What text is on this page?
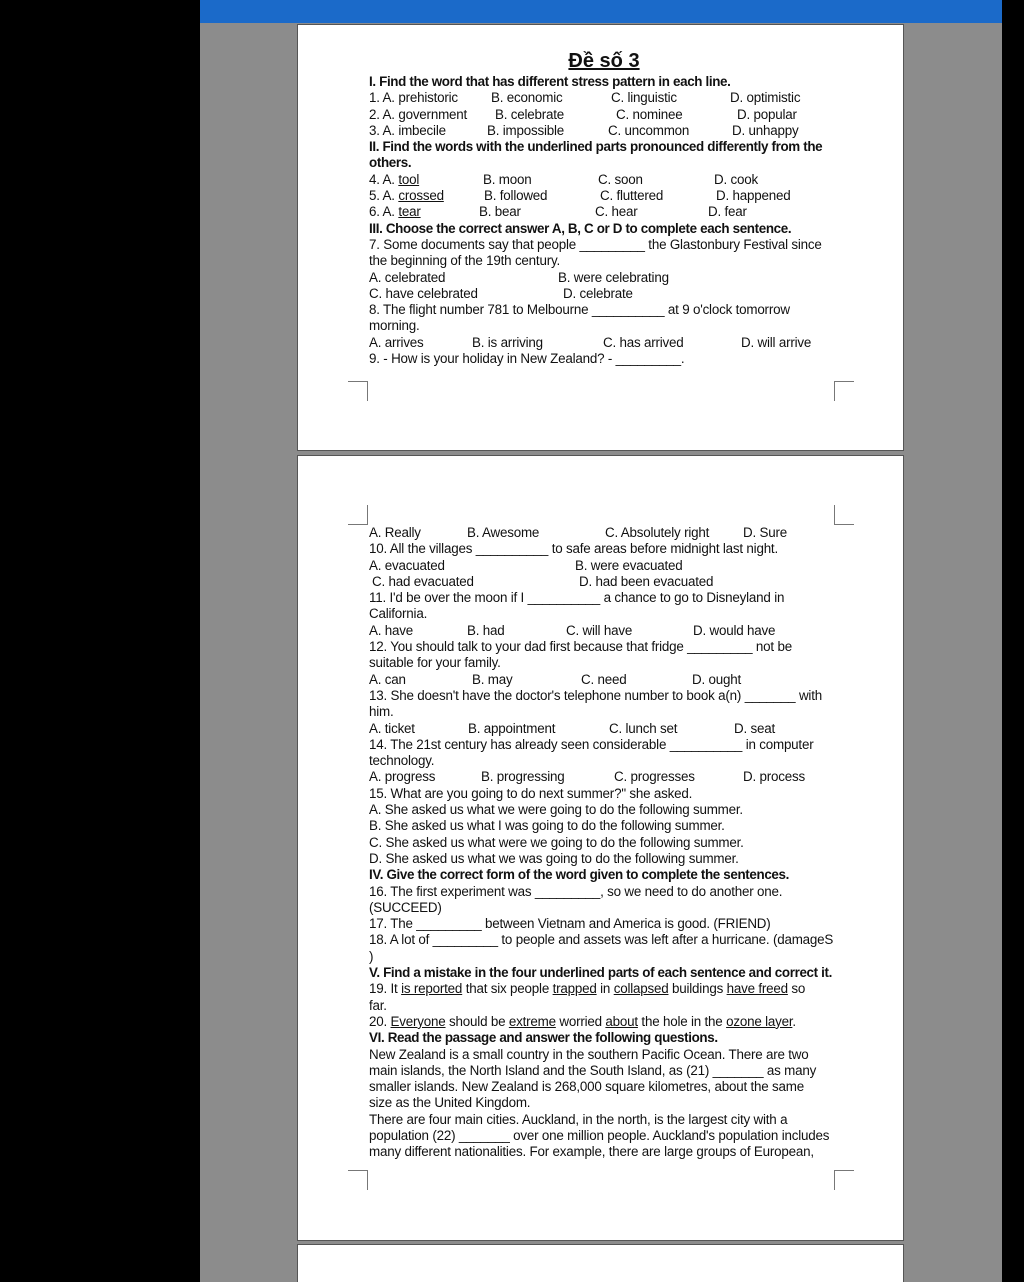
Đề số 3
I. Find the word that has different stress pattern in each line.
1. A. prehistoric B. economic	C. linguistic	D. optimistic
2. A. government B. celebrate	C. nominee	D. popular
3. A. imbecile	B. impossible	C. uncommon	D. unhappy
II. Find the words with the underlined parts pronounced differently from the
others.
4. A. tool	B. moon	C. soon	D. cook
5. A. crossed	B. followed	C. fluttered	D. happened
6. A. tear	B. bear	C. hear	D. fear
III. Choose the correct answer A, B, C or D to complete each sentence.
7. Some documents say that people _________ the Glastonbury Festival since
the beginning of the 19th century.
A. celebrated	B. were celebrating
C. have celebrated	D. celebrate
8. The flight number 781 to Melbourne __________ at 9 o'clock tomorrow
morning.
A. arrives	B. is arriving	C. has arrived	D. will arrive
9. - How is your holiday in New Zealand? - _________.
A. Really	B. Awesome	C. Absolutely right	D. Sure
10. All the villages __________ to safe areas before midnight last night.
A. evacuated	B. were evacuated
C. had evacuated	D. had been evacuated
11. I'd be over the moon if I __________ a chance to go to Disneyland in
California.
A. have	B. had	C. will have	D. would have
12. You should talk to your dad first because that fridge _________ not be
suitable for your family.
A. can	B. may	C. need	D. ought
13. She doesn't have the doctor's telephone number to book a(n) _______ with
him.
A. ticket	B. appointment	C. lunch set	D. seat
14. The 21st century has already seen considerable __________ in computer
technology.
A. progress	B. progressing	C. progresses	D. process
15. What are you going to do next summer?" she asked.
A. She asked us what we were going to do the following summer.
B. She asked us what I was going to do the following summer.
C. She asked us what were we going to do the following summer.
D. She asked us what we was going to do the following summer.
IV. Give the correct form of the word given to complete the sentences.
16. The first experiment was _________, so we need to do another one.
(SUCCEED)
17. The _________ between Vietnam and America is good. (FRIEND)
18. A lot of _________ to people and assets was left after a hurricane. (damageS
)
V. Find a mistake in the four underlined parts of each sentence and correct it.
19. It is reported that six people trapped in collapsed buildings have freed so
far.
20. Everyone should be extreme worried about the hole in the ozone layer.
VI. Read the passage and answer the following questions.
New Zealand is a small country in the southern Pacific Ocean. There are two
main islands, the North Island and the South Island, as (21) _______ as many
smaller islands. New Zealand is 268,000 square kilometres, about the same
size as the United Kingdom.
There are four main cities. Auckland, in the north, is the largest city with a
population (22) _______ over one million people. Auckland's population includes
many different nationalities. For example, there are large groups of European,
